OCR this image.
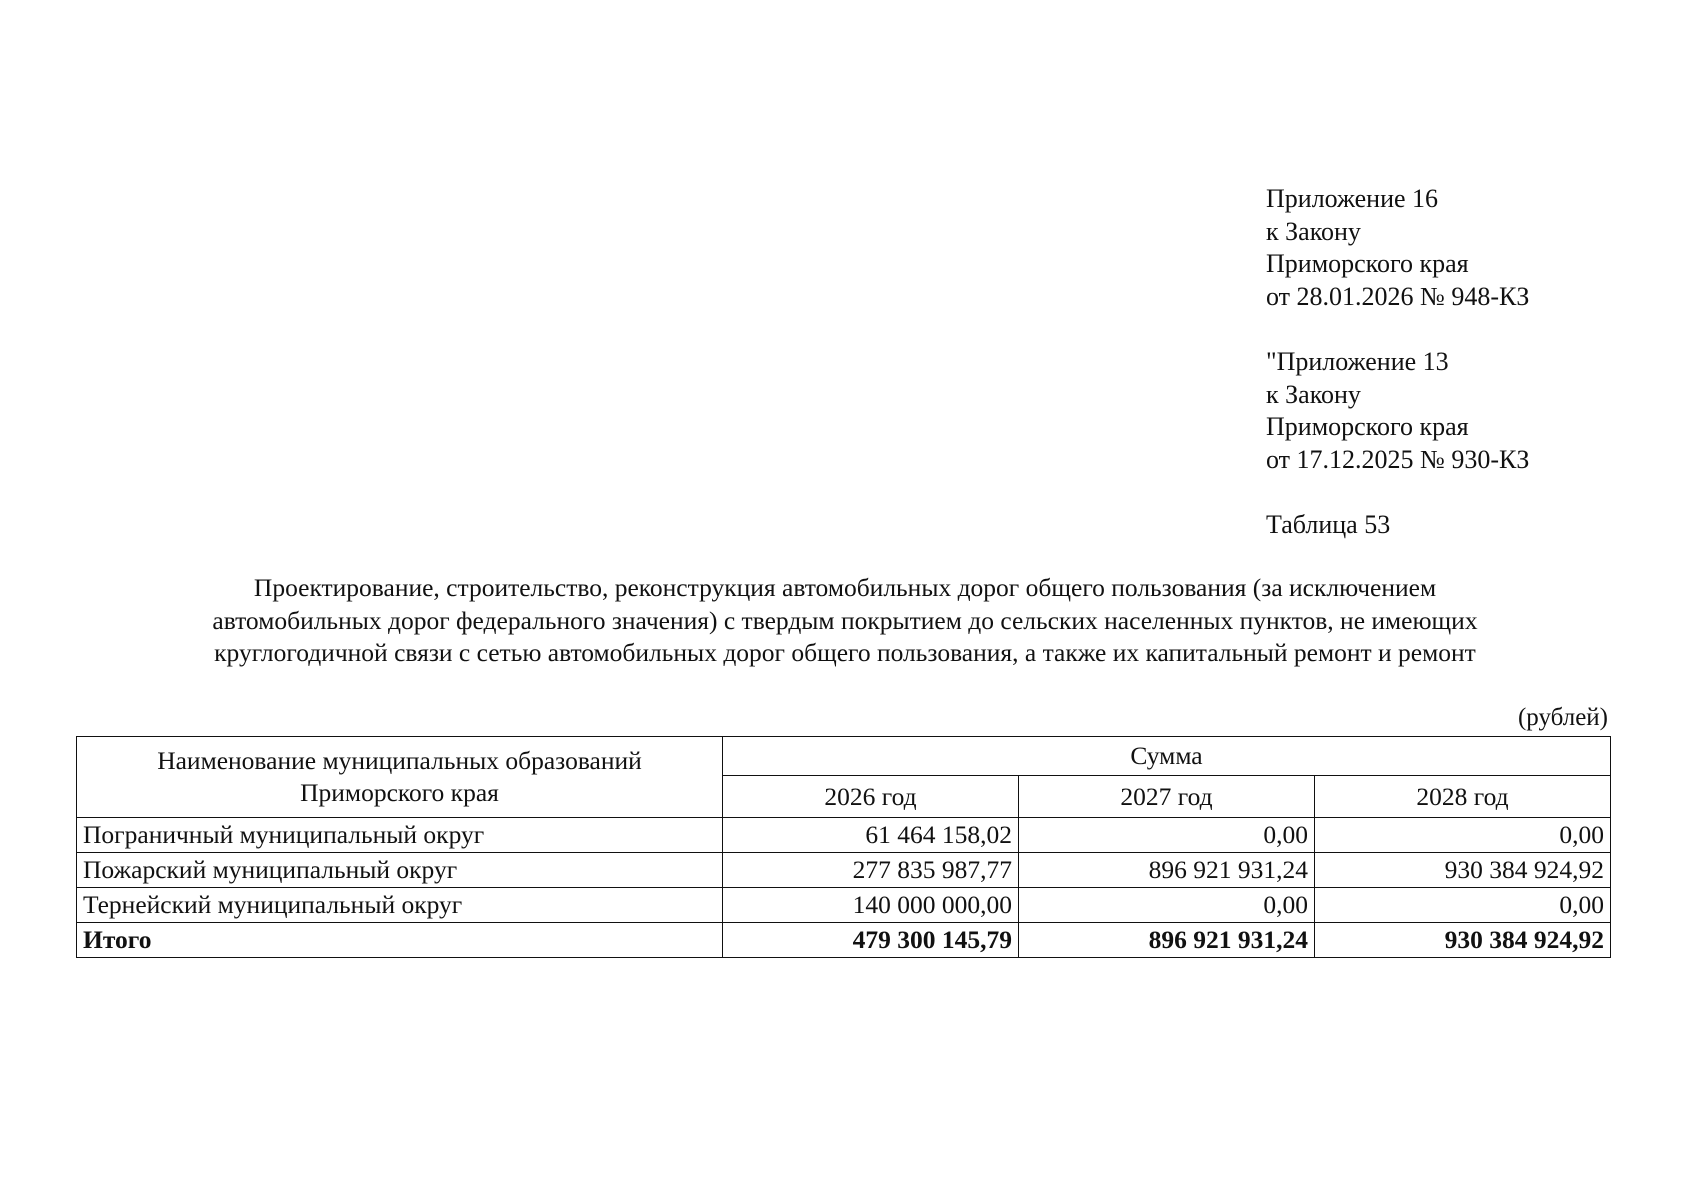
Приложение 16
к Закону
Приморского края
от 28.01.2026 № 948-КЗ
"Приложение 13
к Закону
Приморского края
от 17.12.2025 № 930-КЗ
Таблица 53
Проектирование, строительство, реконструкция автомобильных дорог общего пользования (за исключением
автомобильных дорог федерального значения) с твердым покрытием до сельских населенных пунктов, не имеющих
круглогодичной связи с сетью автомобильных дорог общего пользования, а также их капитальный ремонт и ремонт
(рублей)
Наименование муниципальных образований
Приморского края	Сумма		
	2026 год	2027 год	2028 год
Пограничный муниципальный округ	61 464 158,02	0,00	0,00
Пожарский муниципальный округ	277 835 987,77	896 921 931,24	930 384 924,92
Тернейский муниципальный округ	140 000 000,00	0,00	0,00
Итого	479 300 145,79	896 921 931,24	930 384 924,92
